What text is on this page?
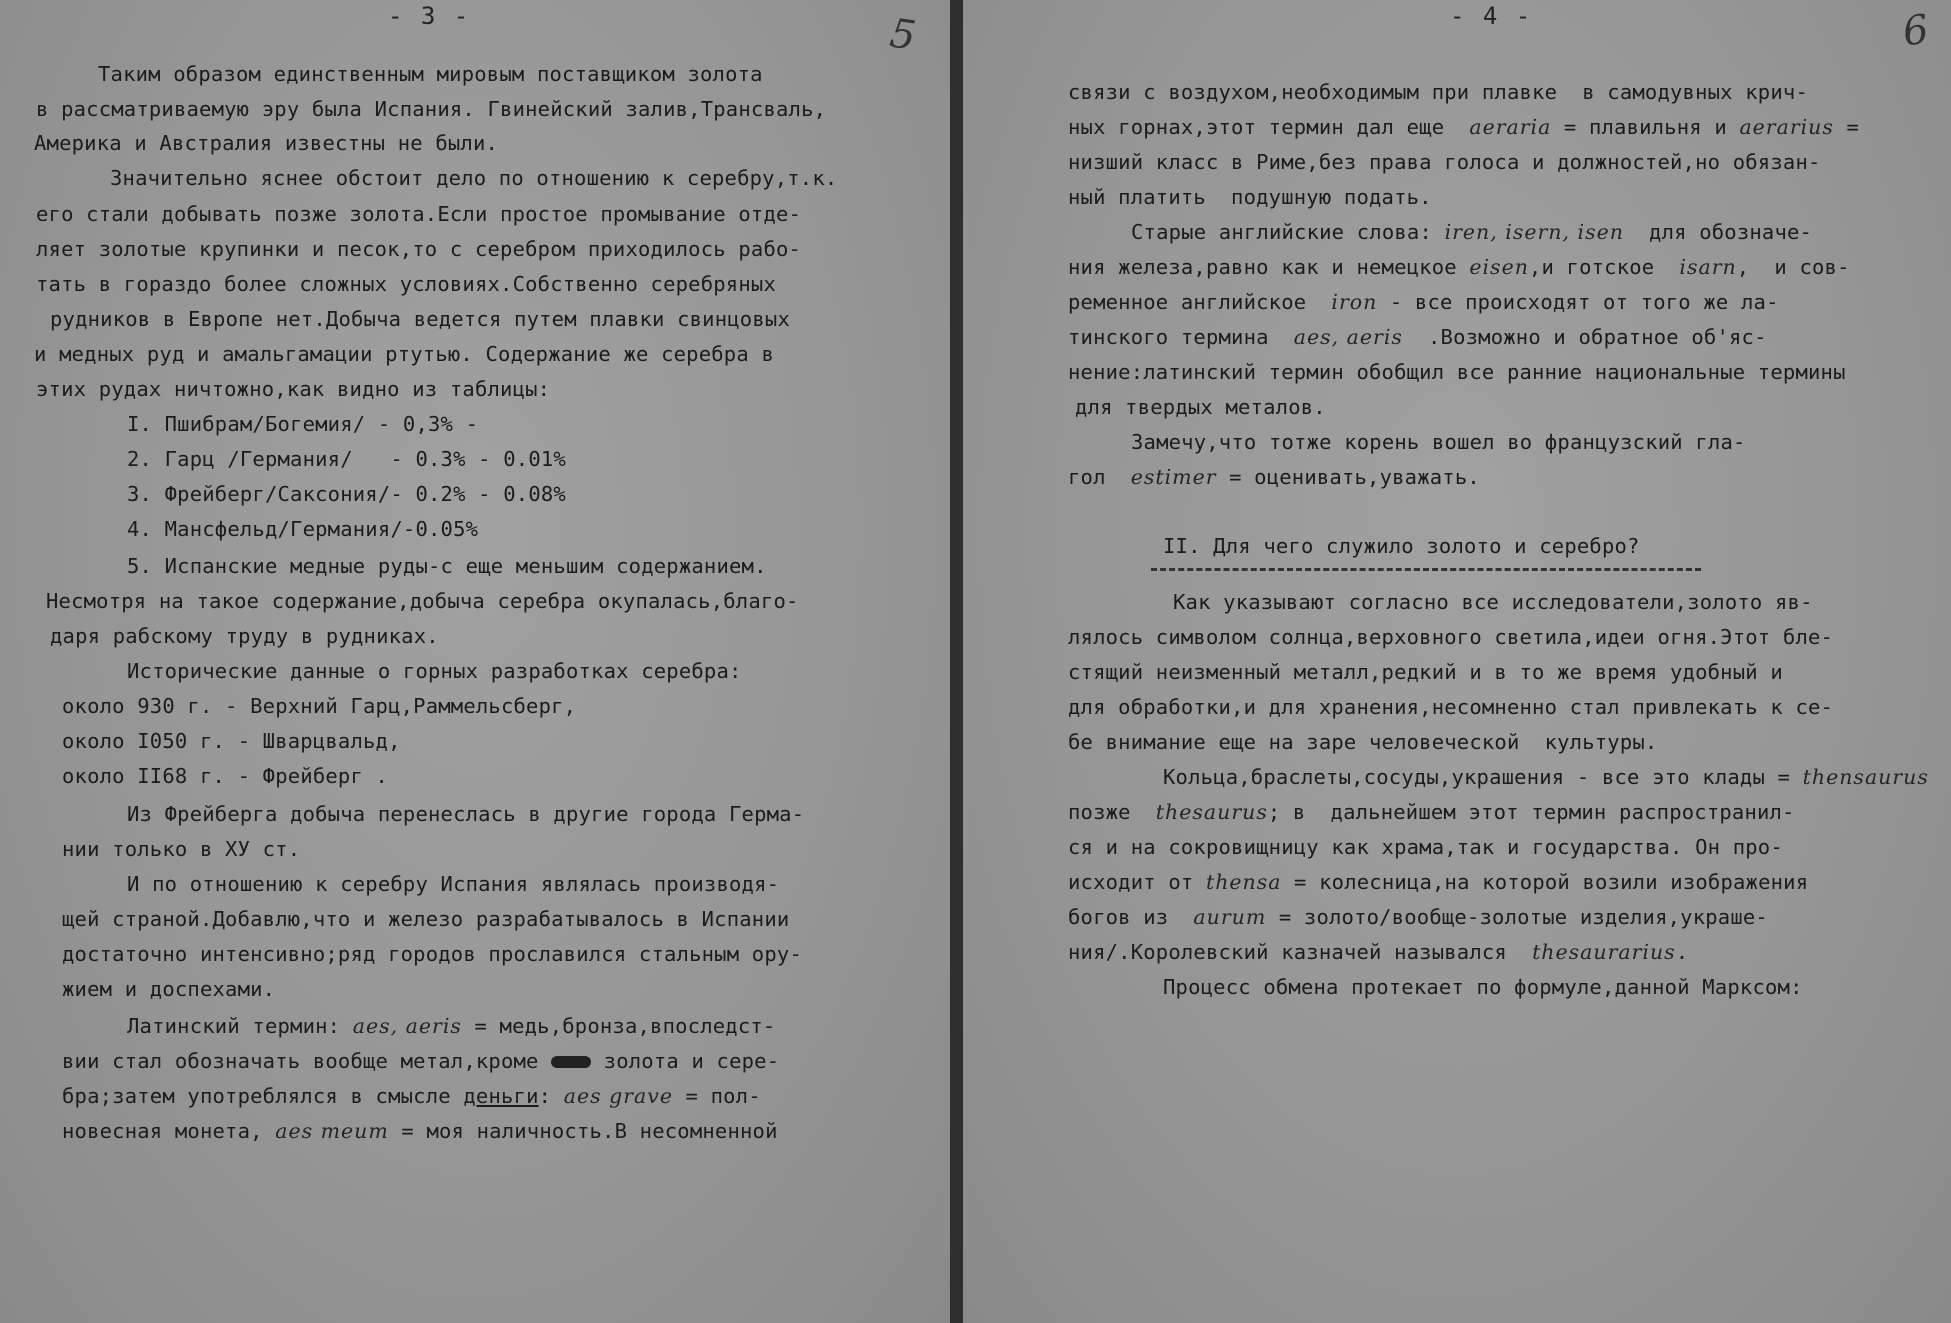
- 3 -	5
Таким образом единственным мировым поставщиком золота
в рассматриваемую эру была Испания. Гвинейский залив,Трансваль,
Америка и Австралия известны не были.
Значительно яснее обстоит дело по отношению к серебру,т.к.
его стали добывать позже золота.Если простое промывание отде-
ляет золотые крупинки и песок,то с серебром приходилось рабо-
тать в гораздо более сложных условиях.Собственно серебряных
рудников в Европе нет.Добыча ведется путем плавки свинцовых
и медных руд и амальгамации ртутью. Содержание же серебра в
этих рудах ничтожно,как видно из таблицы:
I. Пшибрам/Богемия/ - 0,3% -
2. Гарц /Германия/   - 0.3% - 0.01%
3. Фрейберг/Саксония/- 0.2% - 0.08%
4. Мансфельд/Германия/-0.05%
5. Испанские медные руды-с еще меньшим содержанием.
Несмотря на такое содержание,добыча серебра окупалась,благо-
даря рабскому труду в рудниках.
Исторические данные о горных разработках серебра:
около 930 г. - Верхний Гарц,Раммельсберг,
около I050 г. - Шварцвальд,
около II68 г. - Фрейберг .
Из Фрейберга добыча перенеслась в другие города Герма-
нии только в ХУ ст.
И по отношению к серебру Испания являлась производя-
щей страной.Добавлю,что и железо разрабатывалось в Испании
достаточно интенсивно;ряд городов прославился стальным ору-
жием и доспехами.
Латинский термин: aes, aeris = медь,бронза,впоследст-
вии стал обозначать вообще метал,кроме  золота и сере-
бра;затем употреблялся в смысле деньги: aes grave = пол-
новесная монета, aes meum = моя наличность.В несомненной
- 4 -	6
связи с воздухом,необходимым при плавке  в самодувных крич-
ных горнах,этот термин дал еще  aeraria = плавильня и aerarius =
низший класс в Риме,без права голоса и должностей,но обязан-
ный платить  подушную подать.
Старые английские слова: iren, isern, isen  для обозначе-
ния железа,равно как и немецкое eisen,и готское  isarn,  и сов-
ременное английское  iron - все происходят от того же ла-
тинского термина  aes, aeris  .Возможно и обратное об'яс-
нение:латинский термин обобщил все ранние национальные термины
для твердых металов.
Замечу,что тотже корень вошел во французский гла-
гол  estimer = оценивать,уважать.
II. Для чего служило золото и серебро?
Как указывают согласно все исследователи,золото яв-
лялось символом солнца,верховного светила,идеи огня.Этот бле-
стящий неизменный металл,редкий и в то же время удобный и
для обработки,и для хранения,несомненно стал привлекать к се-
бе внимание еще на заре человеческой  культуры.
Кольца,браслеты,сосуды,украшения - все это клады = thensaurus
позже  thesaurus; в  дальнейшем этот термин распространил-
ся и на сокровищницу как храма,так и государства. Он про-
исходит от thensa = колесница,на которой возили изображения
богов из  aurum = золото/вообще-золотые изделия,украше-
ния/.Королевский казначей назывался  thesaurarius.
Процесс обмена протекает по формуле,данной Марксом:
